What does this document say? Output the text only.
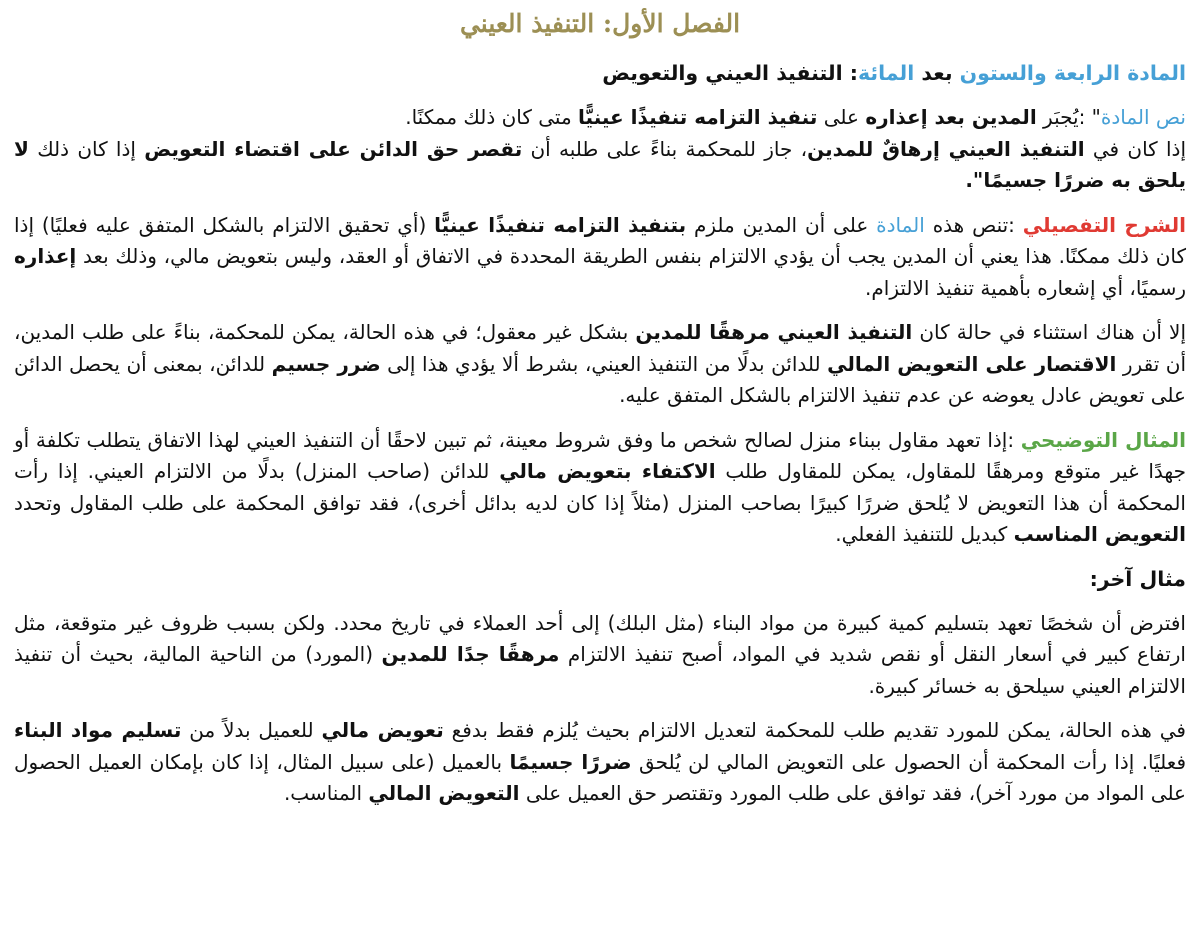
الفصل الأول: التنفيذ العيني

المادة الرابعة والستون بعد المائة: التنفيذ العيني والتعويض

نص المادة" :يُجبَر المدين بعد إعذاره على تنفيذ التزامه تنفيذًا عينيًّا متى كان ذلك ممكنًا.

إذا كان في التنفيذ العيني إرهاقٌ للمدين، جاز للمحكمة بناءً على طلبه أن تقصر حق الدائن على اقتضاء التعويض إذا كان ذلك لا يلحق به ضررًا جسيمًا".

الشرح التفصيلي :تنص هذه المادة على أن المدين ملزم بتنفيذ التزامه تنفيذًا عينيًّا (أي تحقيق الالتزام بالشكل المتفق عليه فعليًا) إذا كان ذلك ممكنًا. هذا يعني أن المدين يجب أن يؤدي الالتزام بنفس الطريقة المحددة في الاتفاق أو العقد، وليس بتعويض مالي، وذلك بعد إعذاره رسميًا، أي إشعاره بأهمية تنفيذ الالتزام.

إلا أن هناك استثناء في حالة كان التنفيذ العيني مرهقًا للمدين بشكل غير معقول؛ في هذه الحالة، يمكن للمحكمة، بناءً على طلب المدين، أن تقرر الاقتصار على التعويض المالي للدائن بدلًا من التنفيذ العيني، بشرط ألا يؤدي هذا إلى ضرر جسيم للدائن، بمعنى أن يحصل الدائن على تعويض عادل يعوضه عن عدم تنفيذ الالتزام بالشكل المتفق عليه.

المثال التوضيحي :إذا تعهد مقاول ببناء منزل لصالح شخص ما وفق شروط معينة، ثم تبين لاحقًا أن التنفيذ العيني لهذا الاتفاق يتطلب تكلفة أو جهدًا غير متوقع ومرهقًا للمقاول، يمكن للمقاول طلب الاكتفاء بتعويض مالي للدائن (صاحب المنزل) بدلًا من الالتزام العيني. إذا رأت المحكمة أن هذا التعويض لا يُلحق ضررًا كبيرًا بصاحب المنزل (مثلاً إذا كان لديه بدائل أخرى)، فقد توافق المحكمة على طلب المقاول وتحدد التعويض المناسب كبديل للتنفيذ الفعلي.

مثال آخر:

افترض أن شخصًا تعهد بتسليم كمية كبيرة من مواد البناء (مثل البلك) إلى أحد العملاء في تاريخ محدد. ولكن بسبب ظروف غير متوقعة، مثل ارتفاع كبير في أسعار النقل أو نقص شديد في المواد، أصبح تنفيذ الالتزام مرهقًا جدًا للمدين (المورد) من الناحية المالية، بحيث أن تنفيذ الالتزام العيني سيلحق به خسائر كبيرة.

في هذه الحالة، يمكن للمورد تقديم طلب للمحكمة لتعديل الالتزام بحيث يُلزم فقط بدفع تعويض مالي للعميل بدلاً من تسليم مواد البناء فعليًا. إذا رأت المحكمة أن الحصول على التعويض المالي لن يُلحق ضررًا جسيمًا بالعميل (على سبيل المثال، إذا كان بإمكان العميل الحصول على المواد من مورد آخر)، فقد توافق على طلب المورد وتقتصر حق العميل على التعويض المالي المناسب.
